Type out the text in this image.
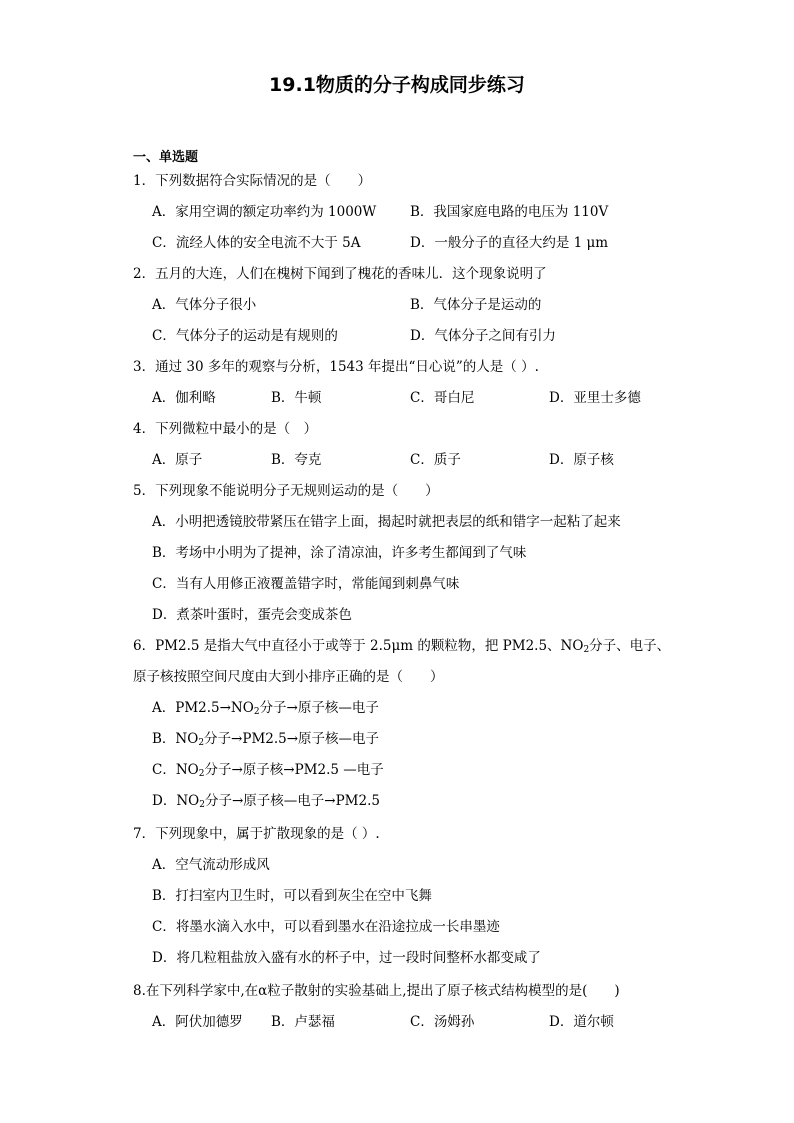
19.1物质的分子构成同步练习
一、单选题
1．下列数据符合实际情况的是（　　）
A．家用空调的额定功率约为 1000W B．我国家庭电路的电压为 110V
C．流经人体的安全电流不大于 5A	D．一般分子的直径大约是 1 μm
2．五月的大连，人们在槐树下闻到了槐花的香味儿．这个现象说明了
A．气体分子很小	B．气体分子是运动的
C．气体分子的运动是有规则的	D．气体分子之间有引力
3．通过 30 多年的观察与分析，1543 年提出“日心说”的人是（ ）.
A．伽利略	B．牛顿	C．哥白尼	D．亚里士多德
4．下列微粒中最小的是（　）
A．原子	B．夸克	C．质子	D．原子核
5．下列现象不能说明分子无规则运动的是（　　）
A．小明把透镜胶带紧压在错字上面，揭起时就把表层的纸和错字一起粘了起来
B．考场中小明为了提神，涂了清凉油，许多考生都闻到了气味
C．当有人用修正液覆盖错字时，常能闻到刺鼻气味
D．煮茶叶蛋时，蛋壳会变成茶色
6．PM2.5 是指大气中直径小于或等于 2.5μm 的颗粒物，把 PM2.5、$NO_2$分子、电子、
原子核按照空间尺度由大到小排序正确的是（　　）
A．$PM2.5\to NO_2$分子→原子核—电子
B．$NO_2$分子→PM2.5→原子核—电子
C．$NO_2$分子→原子核→PM2.5 —电子
D．$NO_2$分子→原子核—电子→PM2.5
7．下列现象中，属于扩散现象的是（ ）.
A．空气流动形成风
B．打扫室内卫生时，可以看到灰尘在空中飞舞
C．将墨水滴入水中，可以看到墨水在沿途拉成一长串墨迹
D．将几粒粗盐放入盛有水的杯子中，过一段时间整杯水都变咸了
8.在下列科学家中,在α粒子散射的实验基础上,提出了原子核式结构模型的是(　　)
A．阿伏加德罗 B．卢瑟福	C．汤姆孙	D．道尔顿
